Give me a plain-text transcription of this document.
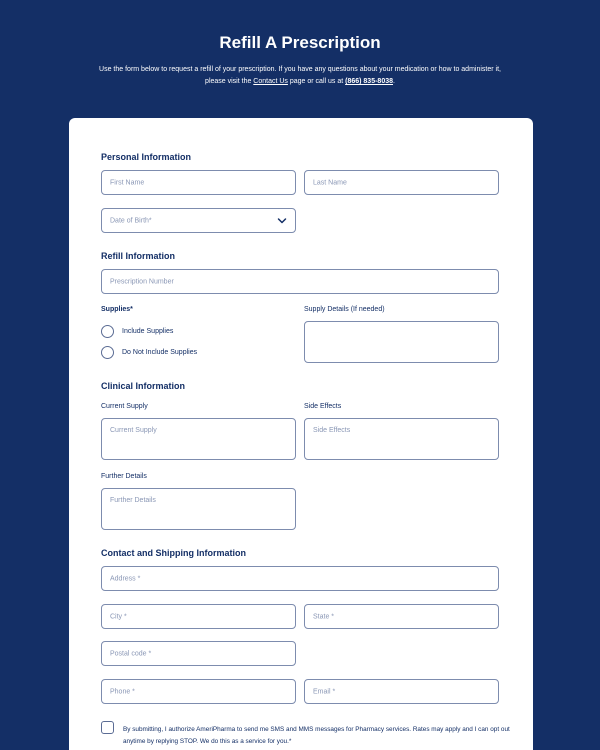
Refill A Prescription
Use the form below to request a refill of your prescription. If you have any questions about your medication or how to administer it, please visit the Contact Us page or call us at (866) 835-8038.
Personal Information
First Name	Last Name
Date of Birth*
Refill Information
Prescription Number
Supplies*
Include Supplies
Do Not Include Supplies
Supply Details (If needed)
Clinical Information
Current Supply
Current Supply
Side Effects
Side Effects
Further Details
Further Details
Contact and Shipping Information
Address *
City *	State *
Postal code *
Phone *	Email *
By submitting, I authorize AmeriPharma to send me SMS and MMS messages for Pharmacy services. Rates may apply and I can opt out anytime by replying STOP. We do this as a service for you.*
